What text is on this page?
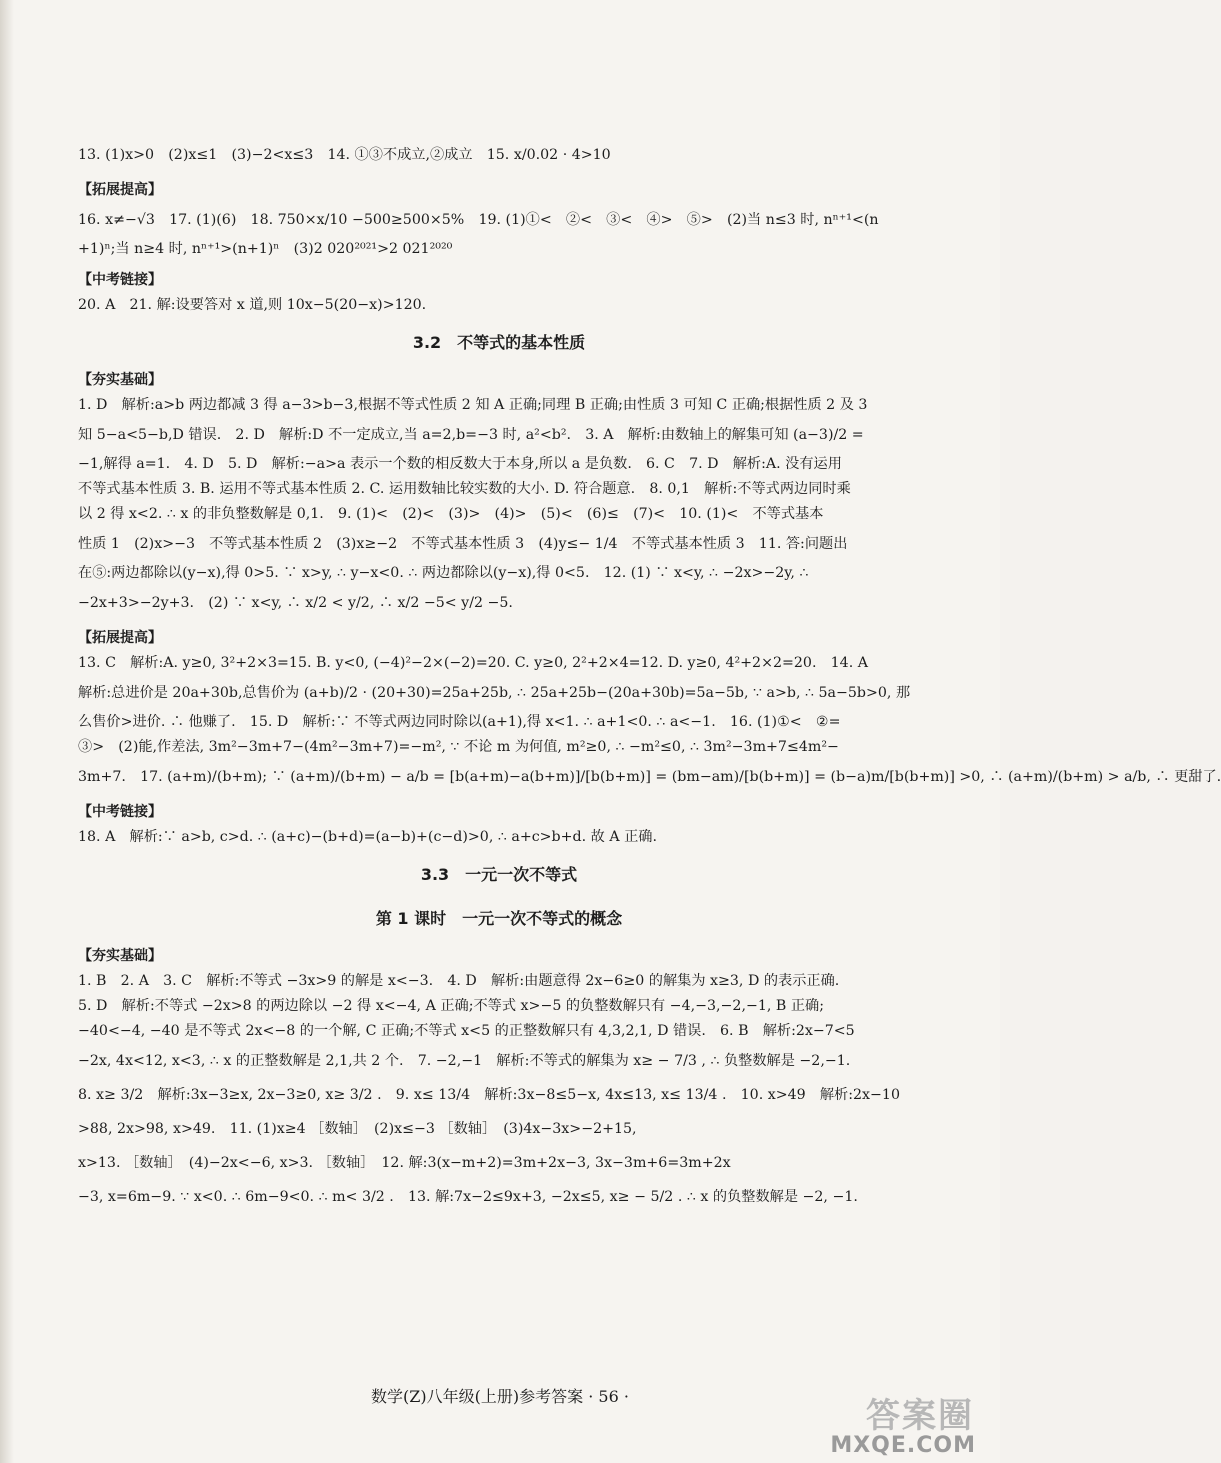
13. (1)x>0　(2)x≤1　(3)−2<x≤3　14. ①③不成立,②成立　15. x/0.02 · 4>10
【拓展提高】
16. x≠−√3　17. (1)(6)　18. 750×x/10 −500≥500×5%　19. (1)①<　②<　③<　④>　⑤>　(2)当 n≤3 时, nⁿ⁺¹<(n
+1)ⁿ;当 n≥4 时, nⁿ⁺¹>(n+1)ⁿ　(3)2 020²⁰²¹>2 021²⁰²⁰
【中考链接】
20. A　21. 解:设要答对 x 道,则 10x−5(20−x)>120.
3.2　不等式的基本性质
【夯实基础】
1. D　解析:a>b 两边都减 3 得 a−3>b−3,根据不等式性质 2 知 A 正确;同理 B 正确;由性质 3 可知 C 正确;根据性质 2 及 3
知 5−a<5−b,D 错误.　2. D　解析:D 不一定成立,当 a=2,b=−3 时, a²<b².　3. A　解析:由数轴上的解集可知 (a−3)/2 =
−1,解得 a=1.　4. D　5. D　解析:−a>a 表示一个数的相反数大于本身,所以 a 是负数.　6. C　7. D　解析:A. 没有运用
不等式基本性质 3. B. 运用不等式基本性质 2. C. 运用数轴比较实数的大小. D. 符合题意.　8. 0,1　解析:不等式两边同时乘
以 2 得 x<2. ∴ x 的非负整数解是 0,1.　9. (1)<　(2)<　(3)>　(4)>　(5)<　(6)≤　(7)<　10. (1)<　不等式基本
性质 1　(2)x>−3　不等式基本性质 2　(3)x≥−2　不等式基本性质 3　(4)y≤− 1/4　不等式基本性质 3　11. 答:问题出
在⑤:两边都除以(y−x),得 0>5. ∵ x>y, ∴ y−x<0. ∴ 两边都除以(y−x),得 0<5.　12. (1) ∵ x<y, ∴ −2x>−2y, ∴
−2x+3>−2y+3.　(2) ∵ x<y, ∴ x/2 < y/2, ∴ x/2 −5< y/2 −5.
【拓展提高】
13. C　解析:A. y≥0, 3²+2×3=15. B. y<0, (−4)²−2×(−2)=20. C. y≥0, 2²+2×4=12. D. y≥0, 4²+2×2=20.　14. A
解析:总进价是 20a+30b,总售价为 (a+b)/2 · (20+30)=25a+25b, ∴ 25a+25b−(20a+30b)=5a−5b, ∵ a>b, ∴ 5a−5b>0, 那
么售价>进价. ∴ 他赚了.　15. D　解析:∵ 不等式两边同时除以(a+1),得 x<1. ∴ a+1<0. ∴ a<−1.　16. (1)①<　②=
③>　(2)能,作差法, 3m²−3m+7−(4m²−3m+7)=−m², ∵ 不论 m 为何值, m²≥0, ∴ −m²≤0, ∴ 3m²−3m+7≤4m²−
3m+7.　17. (a+m)/(b+m); ∵ (a+m)/(b+m) − a/b = [b(a+m)−a(b+m)]/[b(b+m)] = (bm−am)/[b(b+m)] = (b−a)m/[b(b+m)] >0, ∴ (a+m)/(b+m) > a/b, ∴ 更甜了.
【中考链接】
18. A　解析:∵ a>b, c>d. ∴ (a+c)−(b+d)=(a−b)+(c−d)>0, ∴ a+c>b+d. 故 A 正确.
3.3　一元一次不等式
第 1 课时　一元一次不等式的概念
【夯实基础】
1. B　2. A　3. C　解析:不等式 −3x>9 的解是 x<−3.　4. D　解析:由题意得 2x−6≥0 的解集为 x≥3, D 的表示正确.
5. D　解析:不等式 −2x>8 的两边除以 −2 得 x<−4, A 正确;不等式 x>−5 的负整数解只有 −4,−3,−2,−1, B 正确;
−40<−4, −40 是不等式 2x<−8 的一个解, C 正确;不等式 x<5 的正整数解只有 4,3,2,1, D 错误.　6. B　解析:2x−7<5
−2x, 4x<12, x<3, ∴ x 的正整数解是 2,1,共 2 个.　7. −2,−1　解析:不等式的解集为 x≥ − 7/3 , ∴ 负整数解是 −2,−1.
8. x≥ 3/2　解析:3x−3≥x, 2x−3≥0, x≥ 3/2 .　9. x≤ 13/4　解析:3x−8≤5−x, 4x≤13, x≤ 13/4 .　10. x>49　解析:2x−10
>88, 2x>98, x>49.　11. (1)x≥4 ［数轴］　(2)x≤−3 ［数轴］　(3)4x−3x>−2+15,
x>13. ［数轴］　(4)−2x<−6, x>3. ［数轴］　12. 解:3(x−m+2)=3m+2x−3, 3x−3m+6=3m+2x
−3, x=6m−9. ∵ x<0. ∴ 6m−9<0. ∴ m< 3/2 .　13. 解:7x−2≤9x+3, −2x≤5, x≥ − 5/2 . ∴ x 的负整数解是 −2, −1.
数学(Z)八年级(上册)参考答案 · 56 ·	答案圈
MXQE.COM
